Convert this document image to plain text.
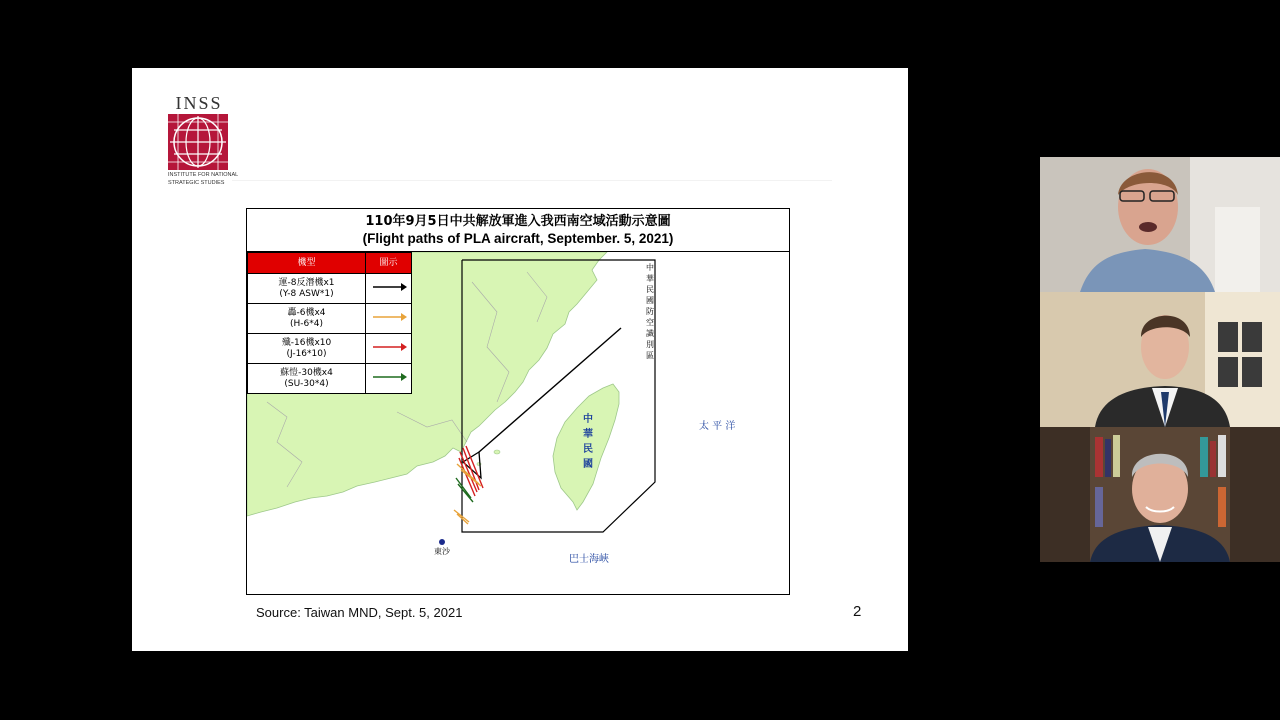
INSS
INSTITUTE FOR NATIONAL
STRATEGIC STUDIES
110年9月5日中共解放軍進入我西南空域活動示意圖
(Flight paths of PLA aircraft, September. 5, 2021)
中
華
民
國
太 平 洋
巴士海峽
東沙
中
華
民
國
防
空
識
別
區
機型	圖示
運-8反潛機x1
(Y-8 ASW*1)	
轟-6機x4
(H-6*4)	
殲-16機x10
(J-16*10)	
蘇愷-30機x4
(SU-30*4)	
Source: Taiwan MND, Sept. 5, 2021	2
